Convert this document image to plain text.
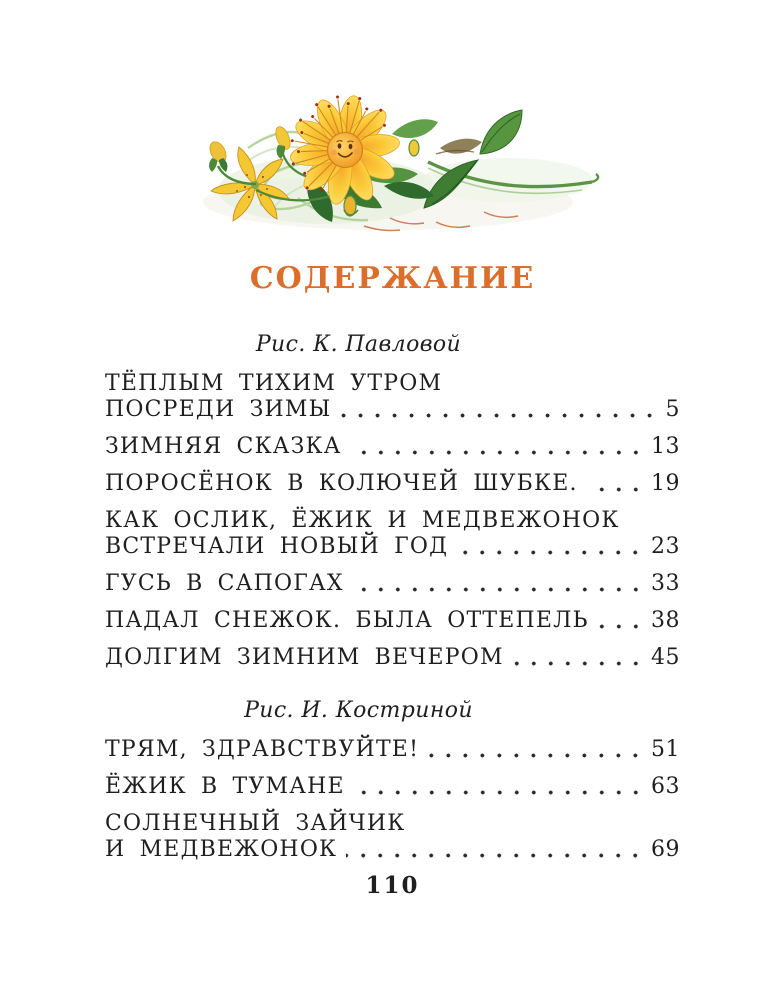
СОДЕРЖАНИЕ
Рис. К. Павловой
ТЁПЛЫМ ТИХИМ УТРОМ
ПОСРЕДИ ЗИМЫ	5
ЗИМНЯЯ СКАЗКА	13
ПОРОСЁНОК В КОЛЮЧЕЙ ШУБКЕ.	19
КАК ОСЛИК, ЁЖИК И МЕДВЕЖОНОК
ВСТРЕЧАЛИ НОВЫЙ ГОД	23
ГУСЬ В САПОГАХ	33
ПАДАЛ СНЕЖОК. БЫЛА ОТТЕПЕЛЬ	38
ДОЛГИМ ЗИМНИМ ВЕЧЕРОМ	45
Рис. И. Костриной
ТРЯМ, ЗДРАВСТВУЙТЕ!	51
ЁЖИК В ТУМАНЕ	63
СОЛНЕЧНЫЙ ЗАЙЧИК
И МЕДВЕЖОНОК	69
110
